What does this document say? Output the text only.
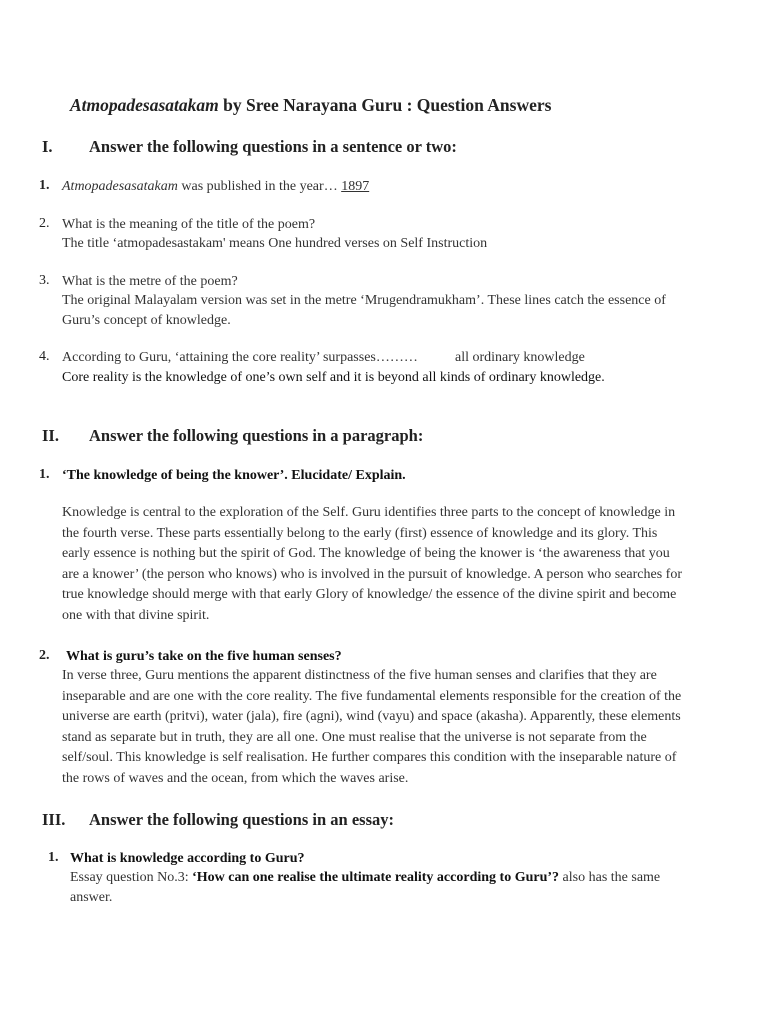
Atmopadesasatakam by Sree Narayana Guru : Question Answers
I. Answer the following questions in a sentence or two:
1. Atmopadesasatakam was published in the year… 1897
2. What is the meaning of the title of the poem?
The title ‘atmopadesastakam' means One hundred verses on Self Instruction
3. What is the metre of the poem?
The original Malayalam version was set in the metre ‘Mrugendramukham’. These lines catch the essence of
Guru’s concept of knowledge.
4. According to Guru, ‘attaining the core reality’ surpasses………	all ordinary knowledge
Core reality is the knowledge of one’s own self and it is beyond all kinds of ordinary knowledge.
II. Answer the following questions in a paragraph:
1. ‘The knowledge of being the knower’. Elucidate/ Explain.

Knowledge is central to the exploration of the Self. Guru identifies three parts to the concept of knowledge in

the fourth verse. These parts essentially belong to the early (first) essence of knowledge and its glory. This

early essence is nothing but the spirit of God. The knowledge of being the knower is ‘the awareness that you

are a knower’ (the person who knows) who is involved in the pursuit of knowledge. A person who searches for

true knowledge should merge with that early Glory of knowledge/ the essence of the divine spirit and become

one with that divine spirit.

2. What is guru’s take on the five human senses?

In verse three, Guru mentions the apparent distinctness of the five human senses and clarifies that they are

inseparable and are one with the core reality. The five fundamental elements responsible for the creation of the

universe are earth (pritvi), water (jala), fire (agni), wind (vayu) and space (akasha). Apparently, these elements

stand as separate but in truth, they are all one. One must realise that the universe is not separate from the

self/soul. This knowledge is self realisation. He further compares this condition with the inseparable nature of

the rows of waves and the ocean, from which the waves arise.

III. Answer the following questions in an essay:
1. What is knowledge according to Guru?
Essay question No.3: ‘How can one realise the ultimate reality according to Guru’? also has the same
answer.
